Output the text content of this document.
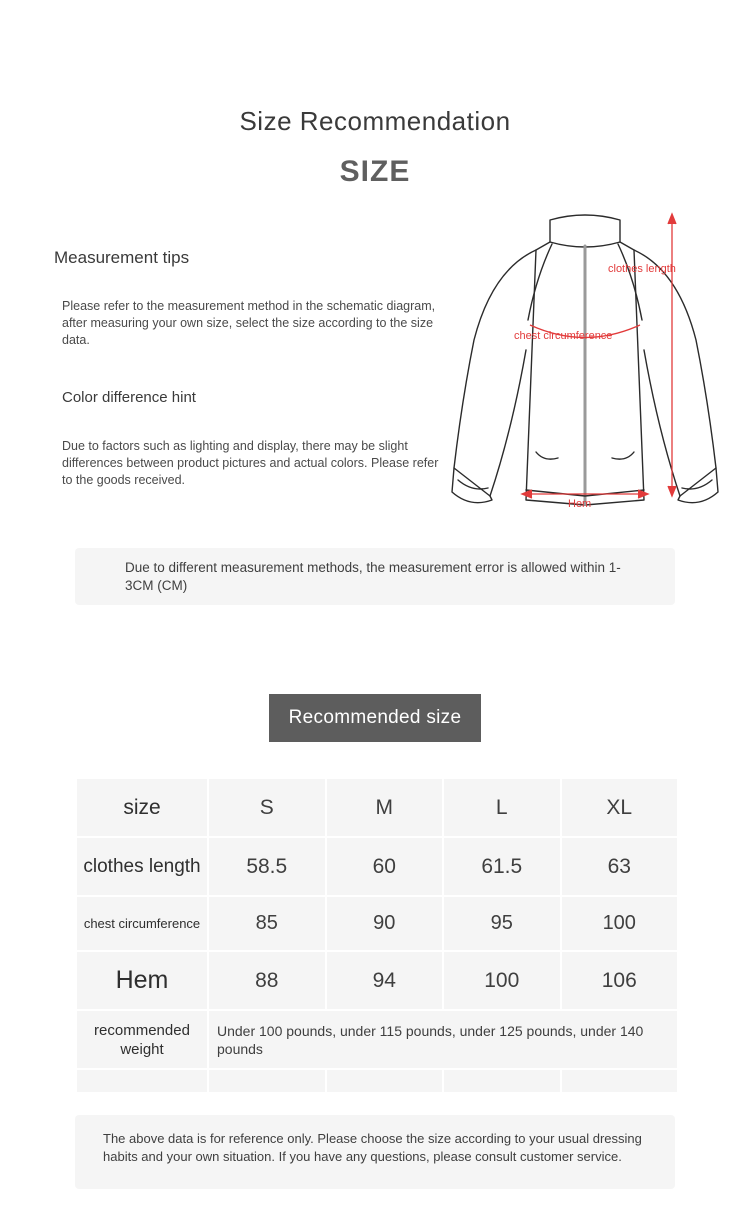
Size Recommendation
SIZE
Measurement tips
Please refer to the measurement method in the schematic diagram, after measuring your own size, select the size according to the size data.
Color difference hint
Due to factors such as lighting and display, there may be slight differences between product pictures and actual colors. Please refer to the goods received.
clothes length
chest circumference
Hem
Due to different measurement methods, the measurement error is allowed within 1-3CM (CM)
Recommended size
size	S	M	L	XL
clothes length	58.5	60	61.5	63
chest circumference	85	90	95	100
Hem	88	94	100	106
recommended weight	Under 100 pounds, under 115 pounds, under 125 pounds, under 140 pounds			

The above data is for reference only. Please choose the size according to your usual dressing habits and your own situation. If you have any questions, please consult customer service.
